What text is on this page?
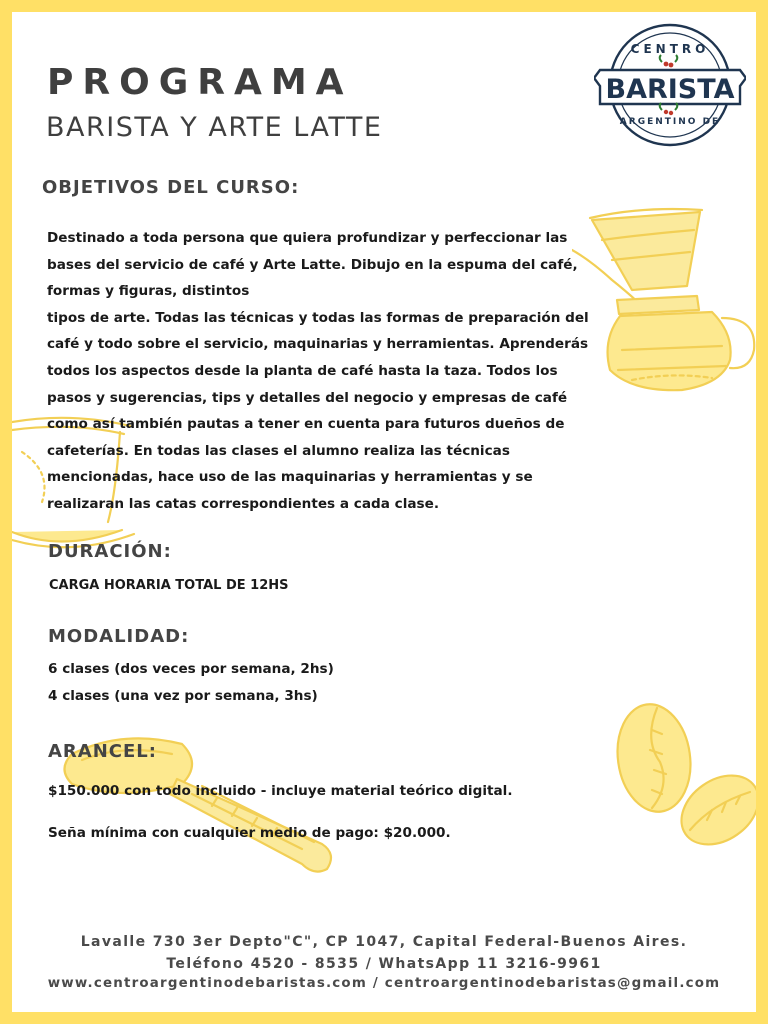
BARISTA
CENTRO
ARGENTINO DE
PROGRAMA
BARISTA Y ARTE LATTE
OBJETIVOS DEL CURSO:
Destinado a toda persona que quiera profundizar y perfeccionar las
bases del servicio de café y Arte Latte. Dibujo en la espuma del café,
formas y figuras, distintos
tipos de arte. Todas las técnicas y todas las formas de preparación del
café y todo sobre el servicio, maquinarias y herramientas. Aprenderás
todos los aspectos desde la planta de café hasta la taza. Todos los
pasos y sugerencias, tips y detalles del negocio y empresas de café
como así también pautas a tener en cuenta para futuros dueños de
cafeterías. En todas las clases el alumno realiza las técnicas
mencionadas, hace uso de las maquinarias y herramientas y se
realizaran las catas correspondientes a cada clase.
DURACIÓN:

CARGA HORARIA TOTAL DE 12HS

MODALIDAD:

6 clases (dos veces por semana, 2hs)

4 clases (una vez por semana, 3hs)

ARANCEL:

$150.000 con todo incluido - incluye material teórico digital.

Seña mínima con cualquier medio de pago: $20.000.

Lavalle 730 3er Depto"C", CP 1047, Capital Federal-Buenos Aires.

Teléfono 4520 - 8535 / WhatsApp 11 3216-9961

www.centroargentinodebaristas.com / centroargentinodebaristas@gmail.com
